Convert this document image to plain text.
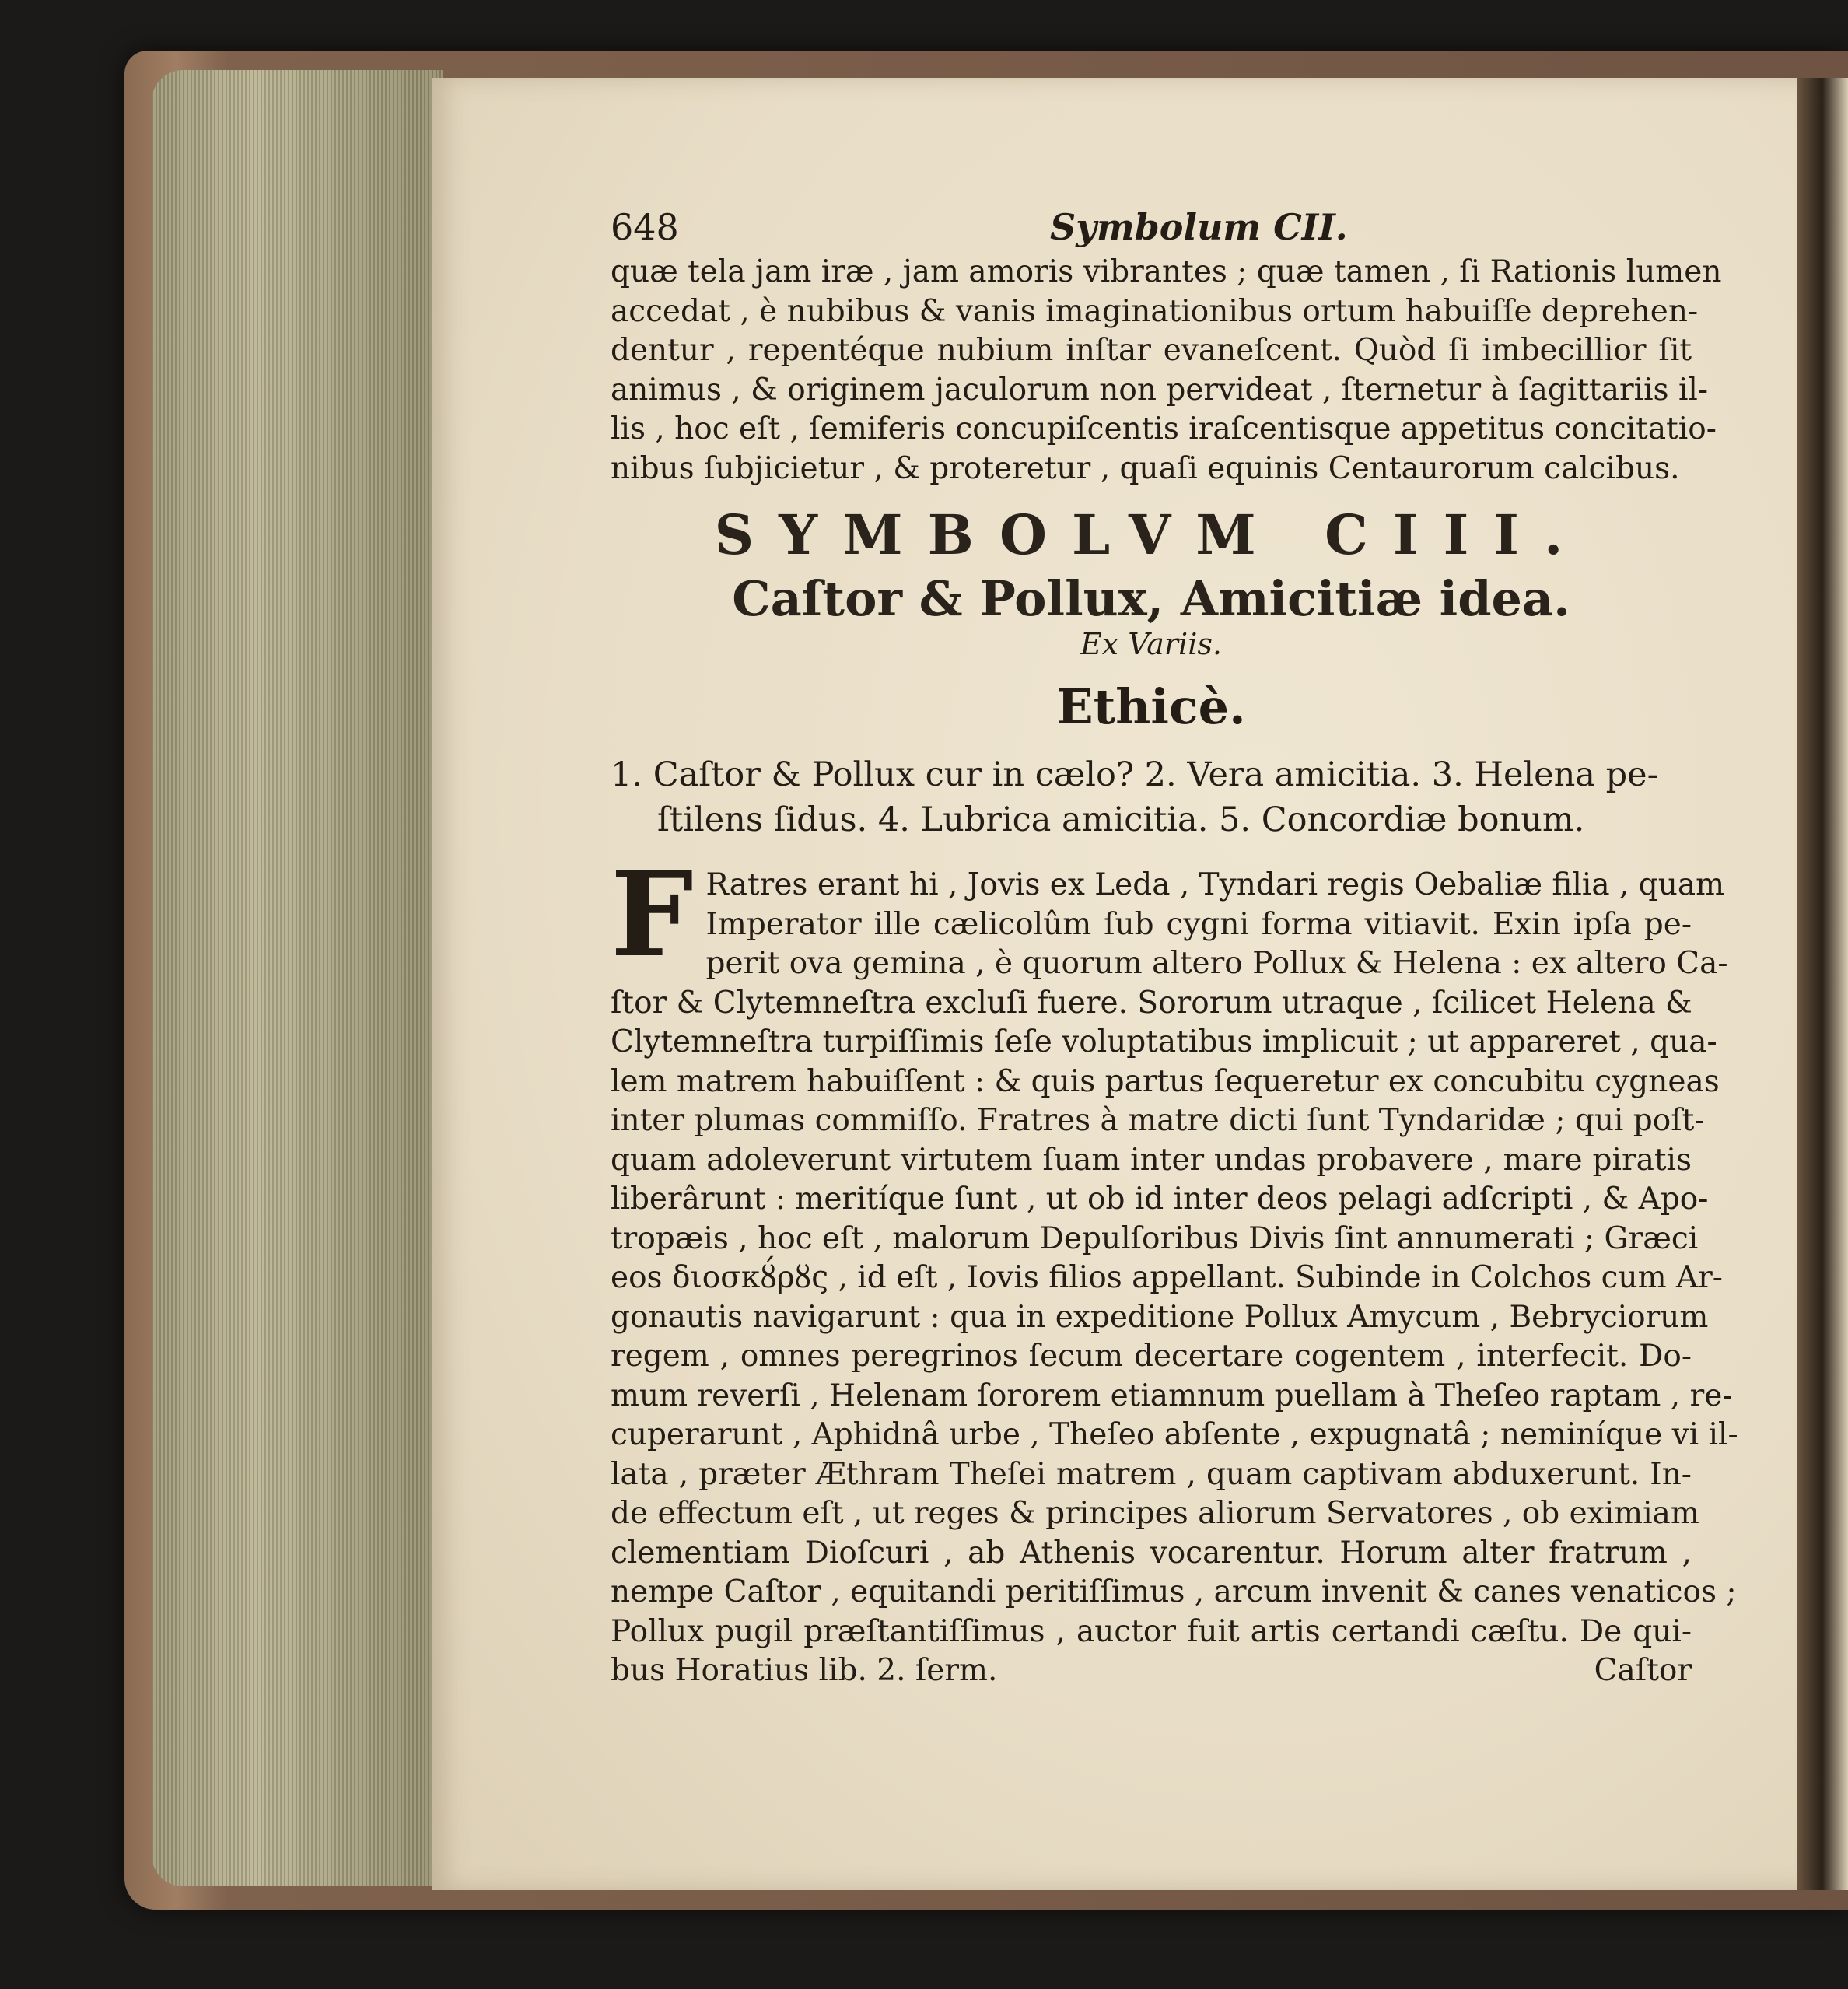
648	Symbolum CII.

quæ tela jam iræ , jam amoris vibrantes ; quæ tamen , ſi Rationis lumen
accedat , è nubibus & vanis imaginationibus ortum habuiſſe deprehen-
dentur , repentéque nubium inſtar evaneſcent. Quòd ſi imbecillior ſit
animus , & originem jaculorum non pervideat , ſternetur à ſagittariis il-
lis , hoc eſt , ſemiferis concupiſcentis iraſcentisque appetitus concitatio-
nibus ſubjicietur , & proteretur , quaſi equinis Centaurorum calcibus.

SYMBOLVM CIII.
Caſtor & Pollux, Amicitiæ idea.
Ex Variis.
Ethicè.
1. Caſtor & Pollux cur in cælo? 2. Vera amicitia. 3. Helena pe-
ſtilens ſidus. 4. Lubrica amicitia. 5. Concordiæ bonum.
F Ratres erant hi , Jovis ex Leda , Tyndari regis Oebaliæ filia , quam
Imperator ille cælicolûm ſub cygni forma vitiavit. Exin ipſa pe-
perit ova gemina , è quorum altero Pollux & Helena : ex altero Ca-
ſtor & Clytemneſtra excluſi fuere. Sororum utraque , ſcilicet Helena &
Clytemneſtra turpiſſimis ſeſe voluptatibus implicuit ; ut appareret , qua-
lem matrem habuiſſent : & quis partus ſequeretur ex concubitu cygneas
inter plumas commiſſo. Fratres à matre dicti ſunt Tyndaridæ ; qui poſt-
quam adoleverunt virtutem ſuam inter undas probavere , mare piratis
liberârunt : meritíque ſunt , ut ob id inter deos pelagi adſcripti , & Apo-
tropæis , hoc eſt , malorum Depulſoribus Divis ſint annumerati ; Græci
eos διοσκȣ́ρȣς , id eſt , Iovis filios appellant. Subinde in Colchos cum Ar-
gonautis navigarunt : qua in expeditione Pollux Amycum , Bebryciorum
regem , omnes peregrinos ſecum decertare cogentem , interfecit. Do-
mum reverſi , Helenam ſororem etiamnum puellam à Theſeo raptam , re-
cuperarunt , Aphidnâ urbe , Theſeo abſente , expugnatâ ; neminíque vi il-
lata , præter Æthram Theſei matrem , quam captivam abduxerunt. In-
de effectum eſt , ut reges & principes aliorum Servatores , ob eximiam
clementiam Dioſcuri , ab Athenis vocarentur. Horum alter fratrum ,
nempe Caſtor , equitandi peritiſſimus , arcum invenit & canes venaticos ;
Pollux pugil præſtantiſſimus , auctor fuit artis certandi cæſtu. De qui-
bus Horatius lib. 2. ſerm.	Caſtor
